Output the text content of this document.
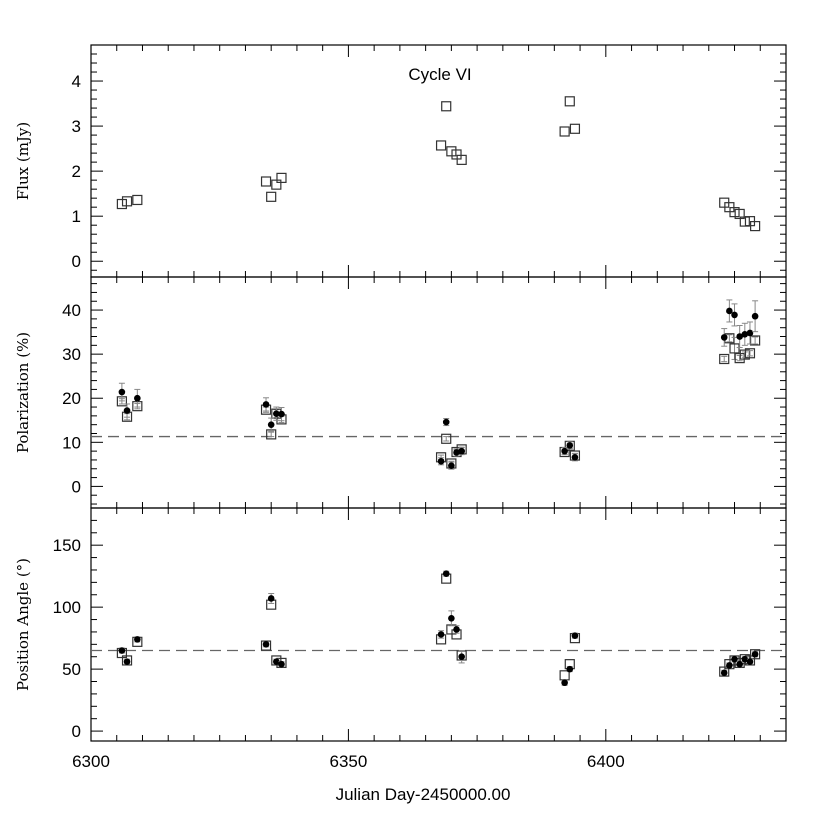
0
1
2
3
4
Flux (mJy)
0
10
20
30
40
Polarization (%)
0
50
100
150
Position Angle (°)
6300	6350	6400
Cycle VI
Julian Day-2450000.00
